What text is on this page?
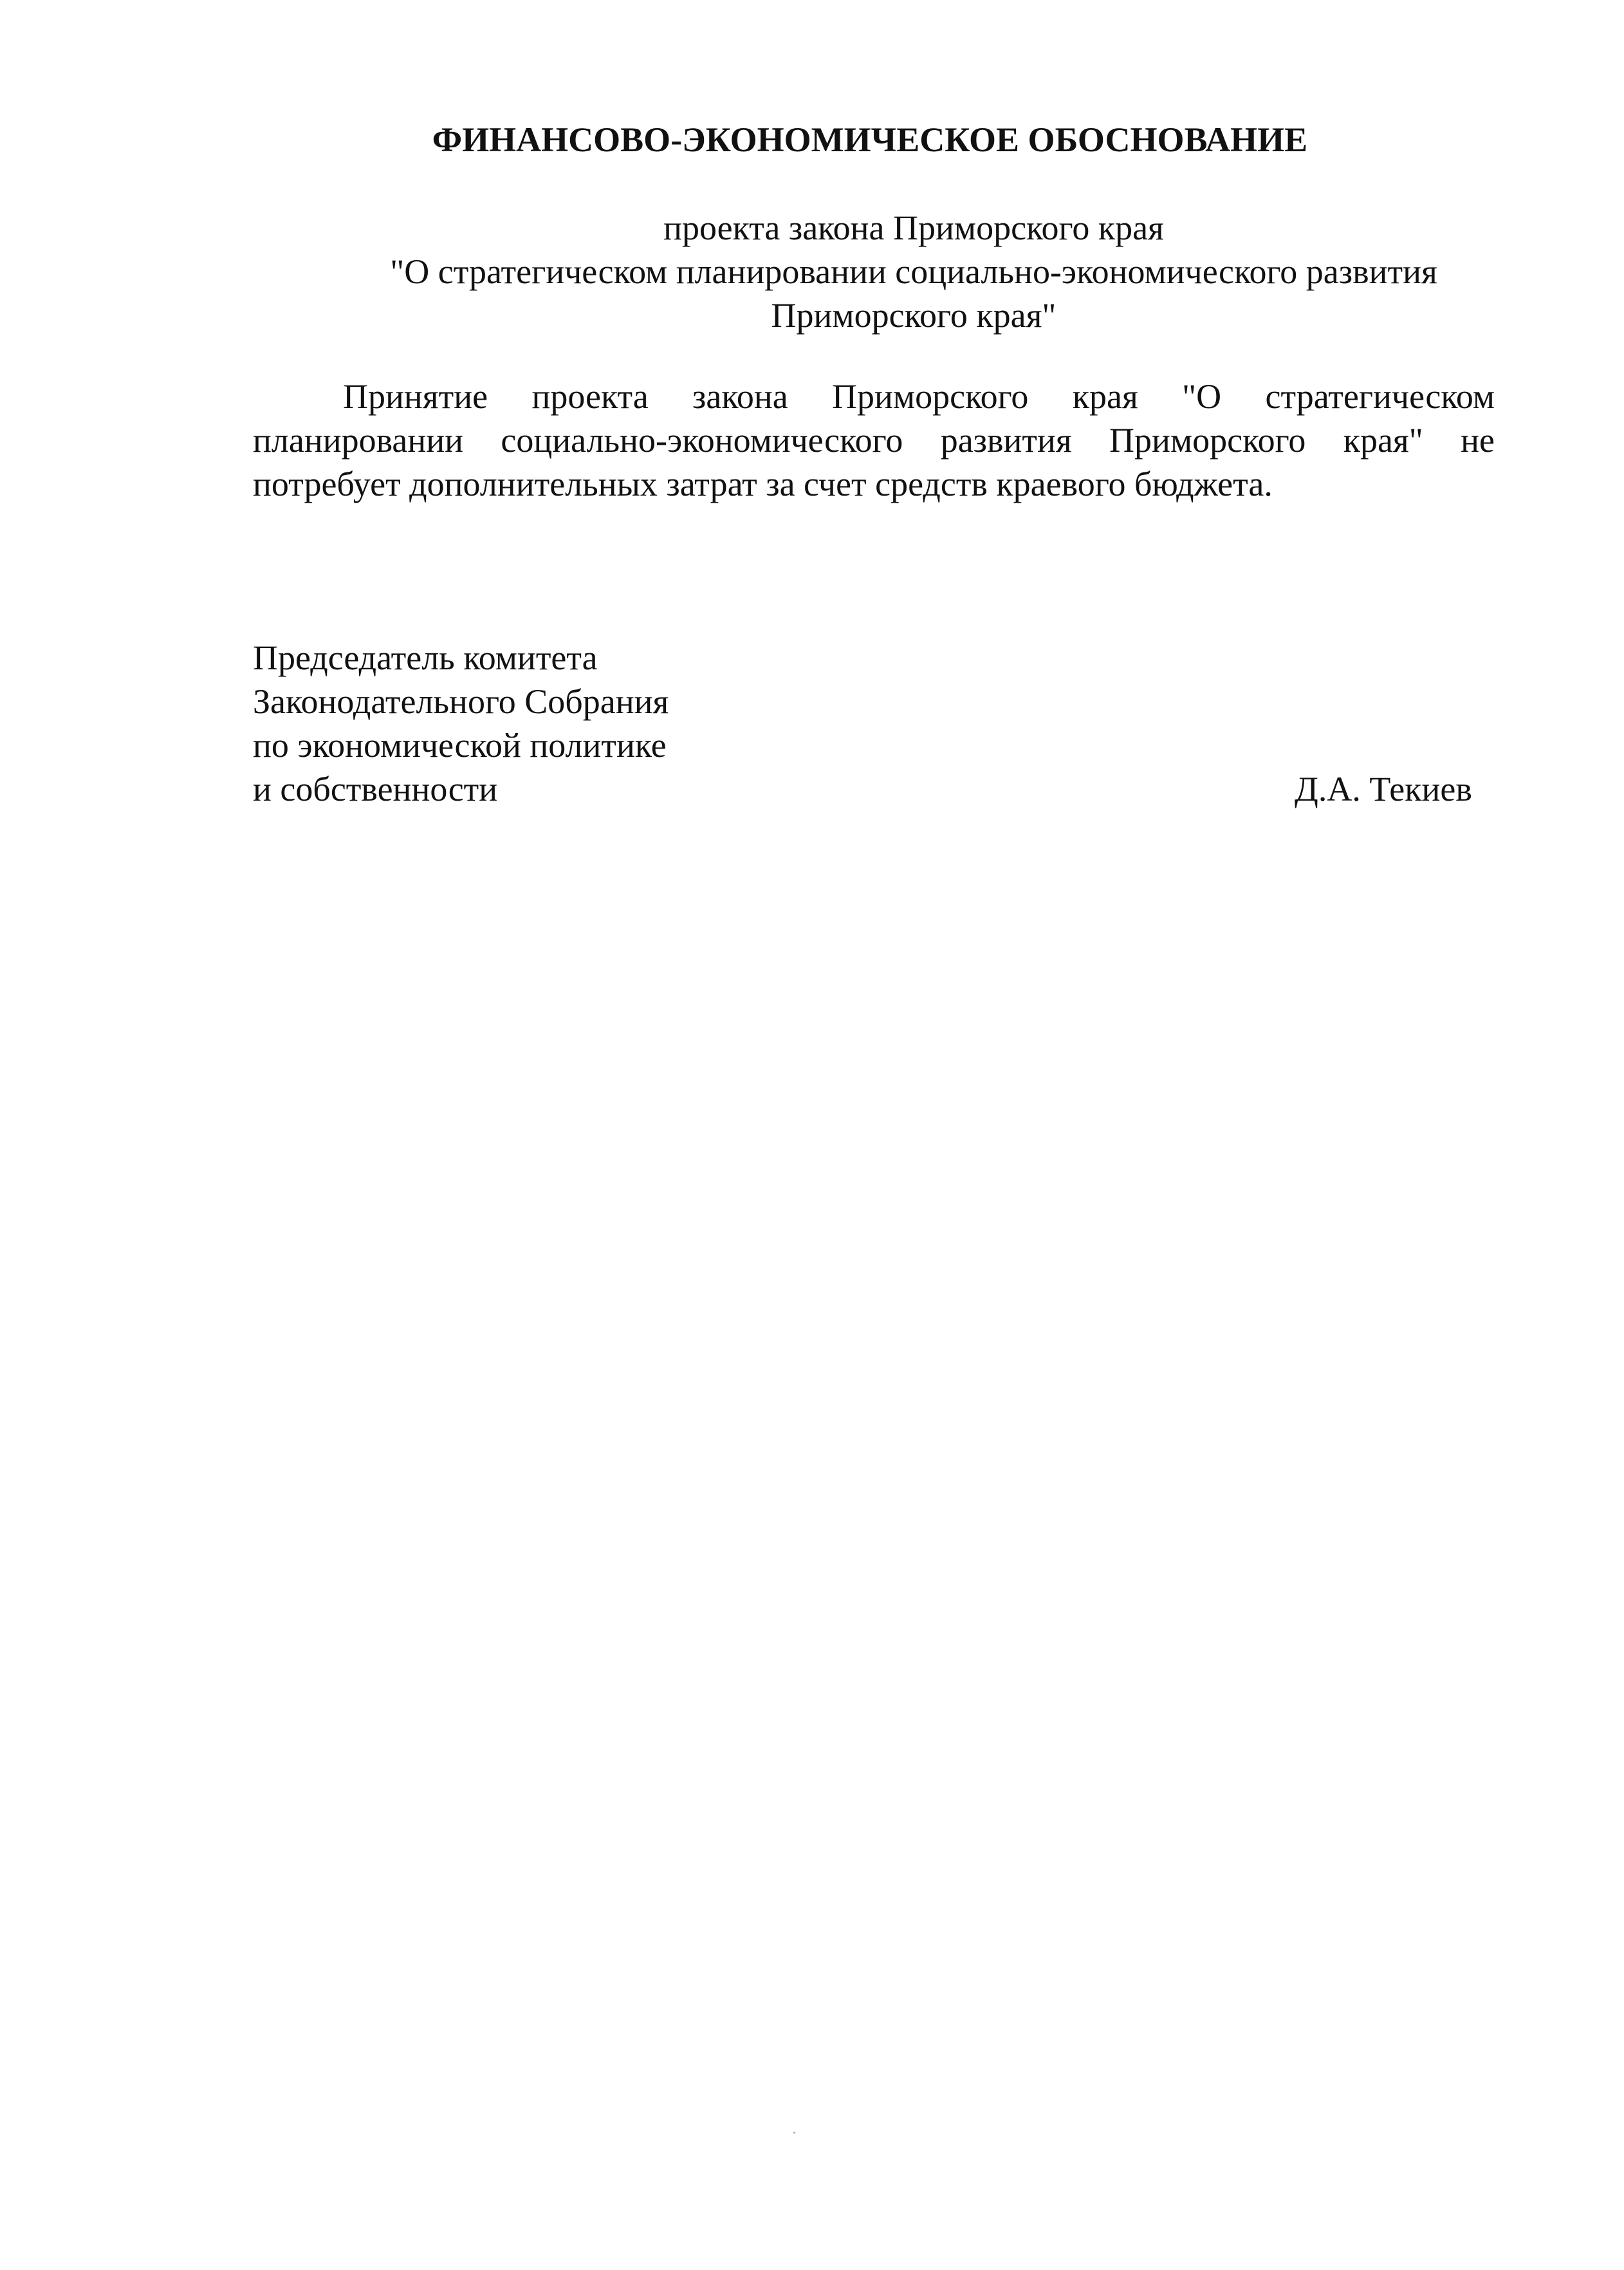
ФИНАНСОВО-ЭКОНОМИЧЕСКОЕ ОБОСНОВАНИЕ
проекта закона Приморского края
"О стратегическом планировании социально-экономического развития
Приморского края"

Принятие проекта закона Приморского края "О стратегическом планировании социально-экономического развития Приморского края" не потребует дополнительных затрат за счет средств краевого бюджета.

Председатель комитета
Законодательного Собрания
по экономической политике
и собственности	Д.А. Текиев
